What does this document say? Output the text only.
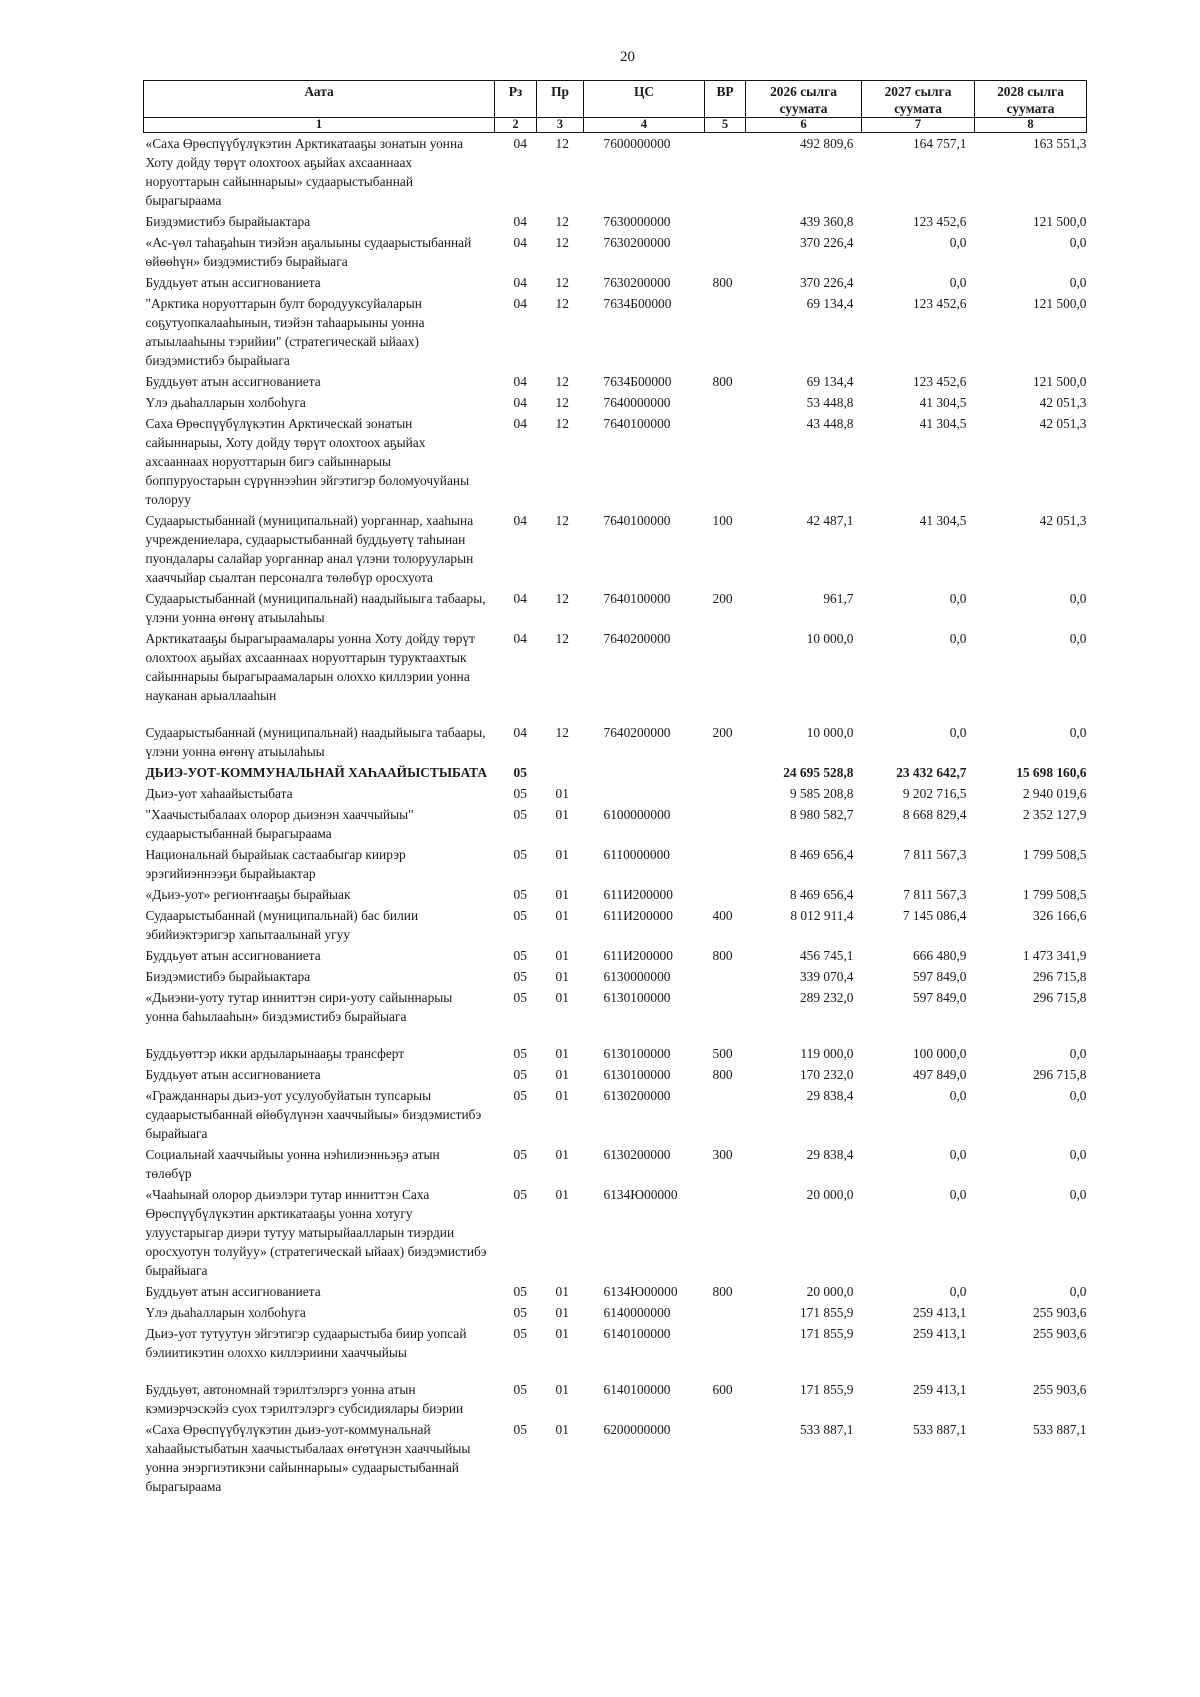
20
Аата	Рз	Пр	ЦС	ВР	2026 сылга суумата	2027 сылга суумата	2028 сылга суумата
1	2	3	4	5	6	7	8
«Саха Өрөспүүбүлүкэтин Арктикатааҕы зонатын уонна Хоту дойду төрүт олохтоох аҕыйах ахсааннаах норуоттарын сайыннарыы» судаарыстыбаннай бырагыраама	04	12	7600000000		492 809,6	164 757,1	163 551,3
Биэдэмистибэ бырайыактара	04	12	7630000000		439 360,8	123 452,6	121 500,0
«Ас-үөл таһаҕаһын тиэйэн аҕалыыны судаарыстыбаннай өйөөһүн» биэдэмистибэ бырайыага	04	12	7630200000		370 226,4	0,0	0,0
Буддьуөт атын ассигнованиета	04	12	7630200000	800	370 226,4	0,0	0,0
"Арктика норуоттарын булт бородууксуйаларын соҕутуопкалааһынын, тиэйэн таһаарыыны уонна атыылааһыны тэрийии" (стратегическай ыйаах) биэдэмистибэ бырайыага	04	12	7634Б00000		69 134,4	123 452,6	121 500,0
Буддьуөт атын ассигнованиета	04	12	7634Б00000	800	69 134,4	123 452,6	121 500,0
Үлэ дьаһалларын холбоһуга	04	12	7640000000		53 448,8	41 304,5	42 051,3
Саха Өрөспүүбүлүкэтин Арктическай зонатын сайыннарыы, Хоту дойду төрүт олохтоох аҕыйах ахсааннаах норуоттарын бигэ сайыннарыы боппуруостарын сүрүннээһин эйгэтигэр боломуочуйаны толоруу	04	12	7640100000		43 448,8	41 304,5	42 051,3
Судаарыстыбаннай (муниципальнай) уорганнар, хааһына учреждениелара, судаарыстыбаннай буддьуөтү таһынан пуондалары салайар уорганнар анал үлэни толорууларын хааччыйар сыалтан персоналга төлөбүр оросхуота	04	12	7640100000	100	42 487,1	41 304,5	42 051,3
Судаарыстыбаннай (муниципальнай) наадыйыыга табаары, үлэни уонна өҥөнү атыылаһыы	04	12	7640100000	200	961,7	0,0	0,0
Арктикатааҕы бырагыраамалары уонна Хоту дойду төрүт олохтоох аҕыйах ахсааннаах норуоттарын туруктаахтык сайыннарыы бырагыраамаларын олоххо киллэрии уонна науканан арыаллааһын	04	12	7640200000		10 000,0	0,0	0,0
Судаарыстыбаннай (муниципальнай) наадыйыыга табаары, үлэни уонна өҥөнү атыылаһыы	04	12	7640200000	200	10 000,0	0,0	0,0
ДЬИЭ-УОТ-КОММУНАЛЬНАЙ ХАҺААЙЫСТЫБАТА	05				24 695 528,8	23 432 642,7	15 698 160,6
Дьиэ-уот хаһаайыстыбата	05	01			9 585 208,8	9 202 716,5	2 940 019,6
"Хаачыстыбалаах олорор дьиэнэн хааччыйыы" судаарыстыбаннай бырагыраама	05	01	6100000000		8 980 582,7	8 668 829,4	2 352 127,9
Национальнай бырайыак састаабыгар киирэр эрэгийиэннээҕи бырайыактар	05	01	6110000000		8 469 656,4	7 811 567,3	1 799 508,5
«Дьиэ-уот» региоҥҥааҕы бырайыак	05	01	611И200000		8 469 656,4	7 811 567,3	1 799 508,5
Судаарыстыбаннай (муниципальнай) бас билии эбийиэктэригэр хапытаалынай угуу	05	01	611И200000	400	8 012 911,4	7 145 086,4	326 166,6
Буддьуөт атын ассигнованиета	05	01	611И200000	800	456 745,1	666 480,9	1 473 341,9
Биэдэмистибэ бырайыактара	05	01	6130000000		339 070,4	597 849,0	296 715,8
«Дьиэни-уоту тутар инниттэн сири-уоту сайыннарыы уонна баһылааһын» биэдэмистибэ бырайыага	05	01	6130100000		289 232,0	597 849,0	296 715,8
Буддьуөттэр икки ардыларынааҕы трансферт	05	01	6130100000	500	119 000,0	100 000,0	0,0
Буддьуөт атын ассигнованиета	05	01	6130100000	800	170 232,0	497 849,0	296 715,8
«Гражданнары дьиэ-уот усулуобуйатын тупсарыы судаарыстыбаннай өйөбүлүнэн хааччыйыы» биэдэмистибэ бырайыага	05	01	6130200000		29 838,4	0,0	0,0
Социальнай хааччыйыы уонна нэһилиэнньэҕэ атын төлөбүр	05	01	6130200000	300	29 838,4	0,0	0,0
«Чааһынай олорор дьиэлэри тутар инниттэн Саха Өрөспүүбүлүкэтин арктикатааҕы уонна хотугу улуустарыгар диэри тутуу матырыйаалларын тиэрдии оросхуотун толуйуу» (стратегическай ыйаах) биэдэмистибэ бырайыага	05	01	6134Ю00000		20 000,0	0,0	0,0
Буддьуөт атын ассигнованиета	05	01	6134Ю00000	800	20 000,0	0,0	0,0
Үлэ дьаһалларын холбоһуга	05	01	6140000000		171 855,9	259 413,1	255 903,6
Дьиэ-уот тутуутун эйгэтигэр судаарыстыба биир уопсай бэлиитикэтин олоххо киллэриини хааччыйыы	05	01	6140100000		171 855,9	259 413,1	255 903,6
Буддьуөт, автономнай тэрилтэлэргэ уонна атын кэмиэрчэскэйэ суох тэрилтэлэргэ субсидиялары биэрии	05	01	6140100000	600	171 855,9	259 413,1	255 903,6
«Саха Өрөспүүбүлүкэтин дьиэ-уот-коммунальнай хаһаайыстыбатын хаачыстыбалаах өҥөтүнэн хааччыйыы уонна энэргиэтикэни сайыннарыы» судаарыстыбаннай бырагыраама	05	01	6200000000		533 887,1	533 887,1	533 887,1
